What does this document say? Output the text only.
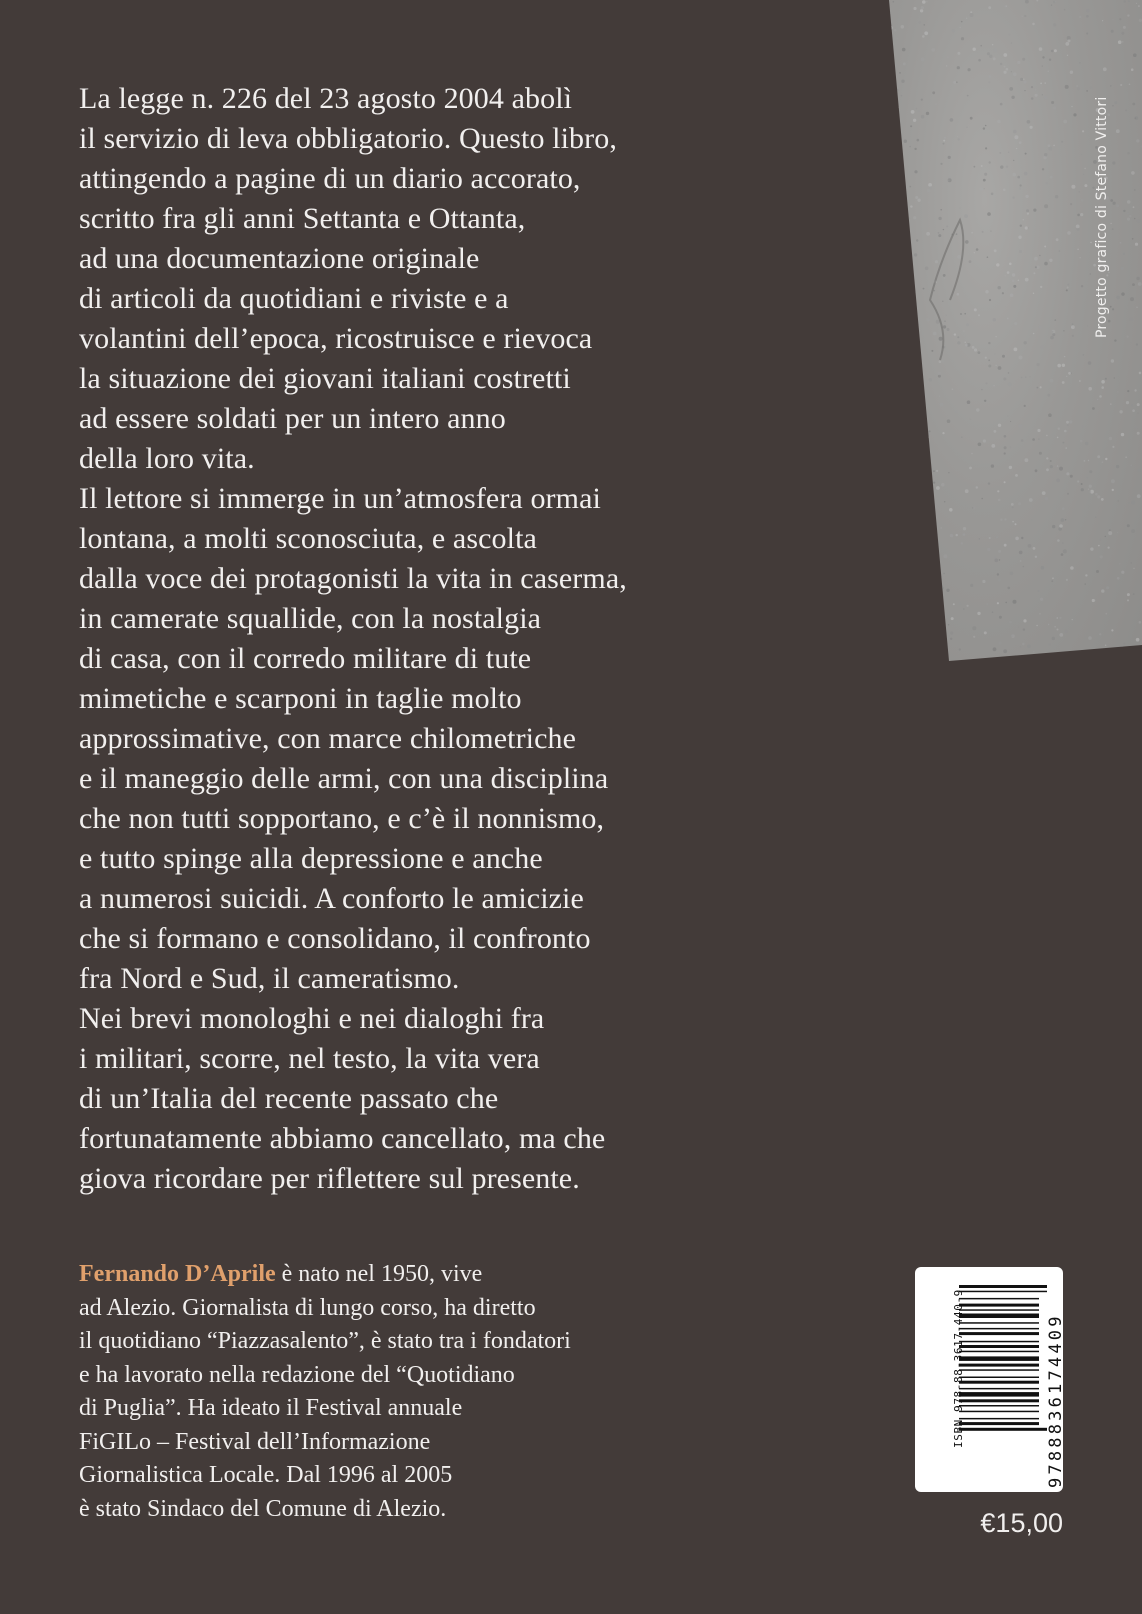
Progetto grafico di Stefano Vittori
La legge n. 226 del 23 agosto 2004 abolì
il servizio di leva obbligatorio. Questo libro,
attingendo a pagine di un diario accorato,
scritto fra gli anni Settanta e Ottanta,
ad una documentazione originale
di articoli da quotidiani e riviste e a
volantini dell’epoca, ricostruisce e rievoca
la situazione dei giovani italiani costretti
ad essere soldati per un intero anno
della loro vita.
Il lettore si immerge in un’atmosfera ormai
lontana, a molti sconosciuta, e ascolta
dalla voce dei protagonisti la vita in caserma,
in camerate squallide, con la nostalgia
di casa, con il corredo militare di tute
mimetiche e scarponi in taglie molto
approssimative, con marce chilometriche
e il maneggio delle armi, con una disciplina
che non tutti sopportano, e c’è il nonnismo,
e tutto spinge alla depressione e anche
a numerosi suicidi. A conforto le amicizie
che si formano e consolidano, il confronto
fra Nord e Sud, il cameratismo.
Nei brevi monologhi e nei dialoghi fra
i militari, scorre, nel testo, la vita vera
di un’Italia del recente passato che
fortunatamente abbiamo cancellato, ma che
giova ricordare per riflettere sul presente.
Fernando D’Aprile è nato nel 1950, vive
ad Alezio. Giornalista di lungo corso, ha diretto
il quotidiano “Piazzasalento”, è stato tra i fondatori
e ha lavorato nella redazione del “Quotidiano
di Puglia”. Ha ideato il Festival annuale
FiGILo – Festival dell’Informazione
Giornalistica Locale. Dal 1996 al 2005
è stato Sindaco del Comune di Alezio.
ISBN 978-88-3617-440-9	9788836174409
€15,00
